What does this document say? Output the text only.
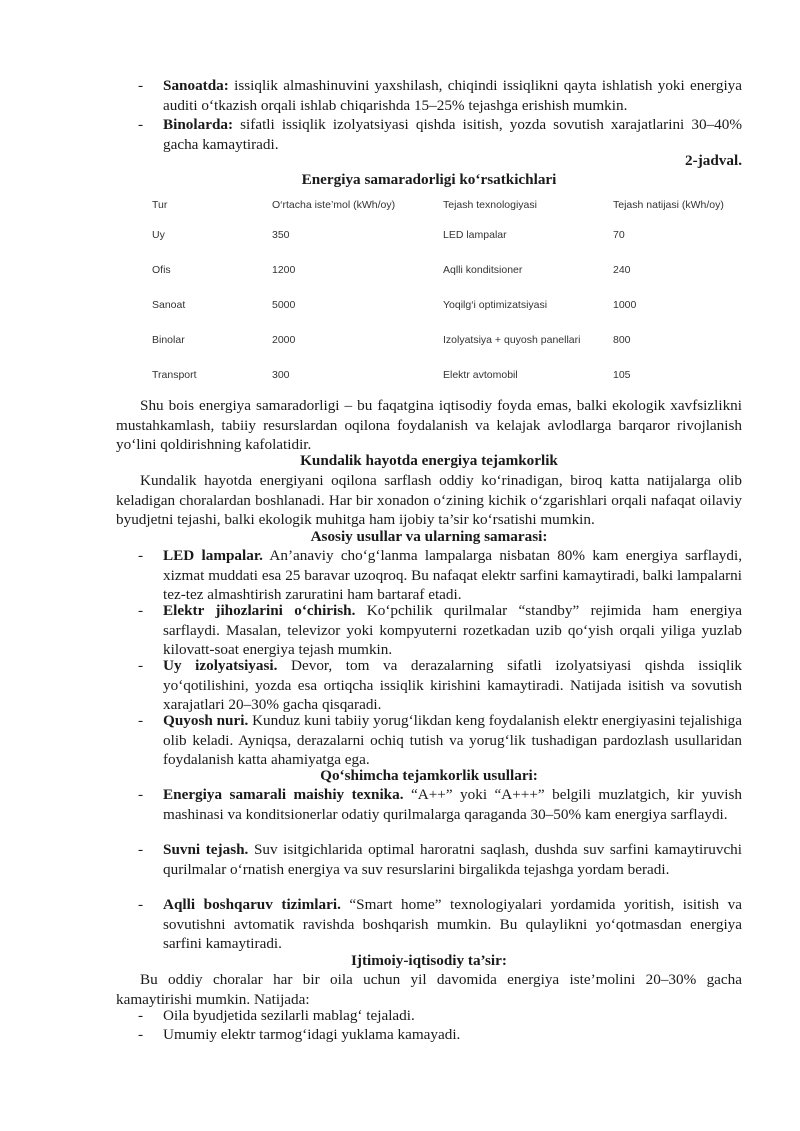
- Sanoatda: issiqlik almashinuvini yaxshilash, chiqindi issiqlikni qayta ishlatish yoki energiya auditi o‘tkazish orqali ishlab chiqarishda 15–25% tejashga erishish mumkin.
- Binolarda: sifatli issiqlik izolyatsiyasi qishda isitish, yozda sovutish xarajatlarini 30–40% gacha kamaytiradi.

2-jadval.

Energiya samaradorligi ko‘rsatkichlari

Tur	O‘rtacha iste’mol (kWh/oy)	Tejash texnologiyasi	Tejash natijasi (kWh/oy)
Uy	350	LED lampalar	70
Ofis	1200	Aqlli konditsioner	240
Sanoat	5000	Yoqilg‘i optimizatsiyasi	1000
Binolar	2000	Izolyatsiya + quyosh panellari	800
Transport	300	Elektr avtomobil	105

Shu bois energiya samaradorligi – bu faqatgina iqtisodiy foyda emas, balki ekologik xavfsizlikni mustahkamlash, tabiiy resurslardan oqilona foydalanish va kelajak avlodlarga barqaror rivojlanish yo‘lini qoldirishning kafolatidir.

Kundalik hayotda energiya tejamkorlik

Kundalik hayotda energiyani oqilona sarflash oddiy ko‘rinadigan, biroq katta natijalarga olib keladigan choralardan boshlanadi. Har bir xonadon o‘zining kichik o‘zgarishlari orqali nafaqat oilaviy byudjetni tejashi, balki ekologik muhitga ham ijobiy ta’sir ko‘rsatishi mumkin.

Asosiy usullar va ularning samarasi:

- LED lampalar. An’anaviy cho‘g‘lanma lampalarga nisbatan 80% kam energiya sarflaydi, xizmat muddati esa 25 baravar uzoqroq. Bu nafaqat elektr sarfini kamaytiradi, balki lampalarni tez-tez almashtirish zaruratini ham bartaraf etadi.
- Elektr jihozlarini o‘chirish. Ko‘pchilik qurilmalar “standby” rejimida ham energiya sarflaydi. Masalan, televizor yoki kompyuterni rozetkadan uzib qo‘yish orqali yiliga yuzlab kilovatt-soat energiya tejash mumkin.
- Uy izolyatsiyasi. Devor, tom va derazalarning sifatli izolyatsiyasi qishda issiqlik yo‘qotilishini, yozda esa ortiqcha issiqlik kirishini kamaytiradi. Natijada isitish va sovutish xarajatlari 20–30% gacha qisqaradi.
- Quyosh nuri. Kunduz kuni tabiiy yorug‘likdan keng foydalanish elektr energiyasini tejalishiga olib keladi. Ayniqsa, derazalarni ochiq tutish va yorug‘lik tushadigan pardozlash usullaridan foydalanish katta ahamiyatga ega.

Qo‘shimcha tejamkorlik usullari:

- Energiya samarali maishiy texnika. “A++” yoki “A+++” belgili muzlatgich, kir yuvish mashinasi va konditsionerlar odatiy qurilmalarga qaraganda 30–50% kam energiya sarflaydi.
- Suvni tejash. Suv isitgichlarida optimal haroratni saqlash, dushda suv sarfini kamaytiruvchi qurilmalar o‘rnatish energiya va suv resurslarini birgalikda tejashga yordam beradi.
- Aqlli boshqaruv tizimlari. “Smart home” texnologiyalari yordamida yoritish, isitish va sovutishni avtomatik ravishda boshqarish mumkin. Bu qulaylikni yo‘qotmasdan energiya sarfini kamaytiradi.

Ijtimoiy-iqtisodiy ta’sir:

Bu oddiy choralar har bir oila uchun yil davomida energiya iste’molini 20–30% gacha kamaytirishi mumkin. Natijada:

- Oila byudjetida sezilarli mablag‘ tejaladi.
- Umumiy elektr tarmog‘idagi yuklama kamayadi.
